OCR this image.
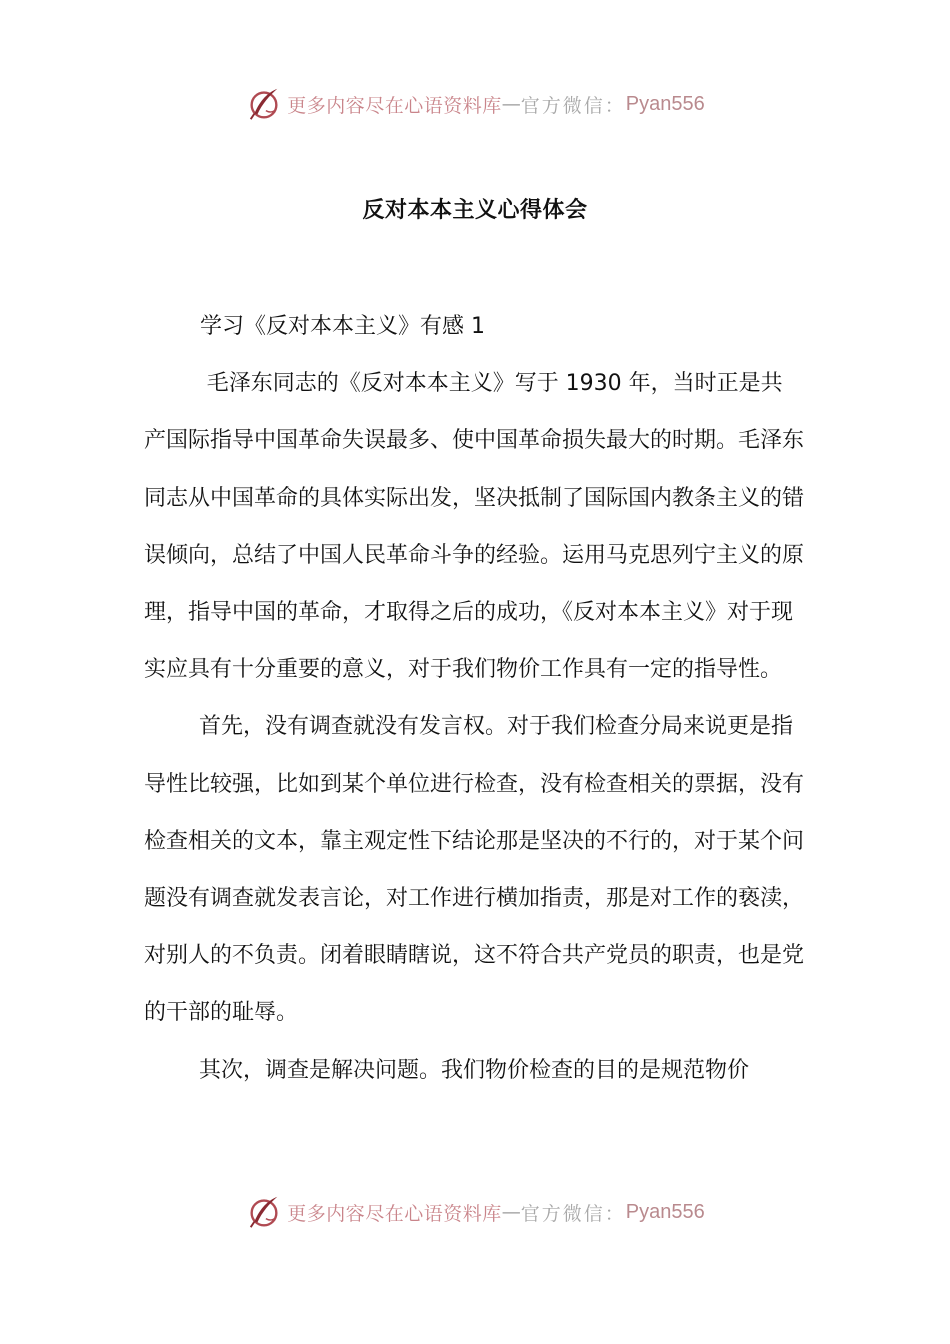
更多内容尽在心语资料库 — 官方微信： Pyan556
反对本本主义心得体会

学习《反对本本主义》有感 1

毛泽东同志的《反对本本主义》写于 1930 年，当时正是共产国际指导中国革命失误最多、使中国革命损失最大的时期。毛泽东同志从中国革命的具体实际出发，坚决抵制了国际国内教条主义的错误倾向，总结了中国人民革命斗争的经验。运用马克思列宁主义的原理，指导中国的革命，才取得之后的成功，《反对本本主义》对于现实应具有十分重要的意义，对于我们物价工作具有一定的指导性。

首先，没有调查就没有发言权。对于我们检查分局来说更是指导性比较强，比如到某个单位进行检查，没有检查相关的票据，没有检查相关的文本，靠主观定性下结论那是坚决的不行的，对于某个问题没有调查就发表言论，对工作进行横加指责，那是对工作的亵渎，对别人的不负责。闭着眼睛瞎说，这不符合共产党员的职责，也是党的干部的耻辱。

其次，调查是解决问题。我们物价检查的目的是规范物价

更多内容尽在心语资料库 — 官方微信： Pyan556
